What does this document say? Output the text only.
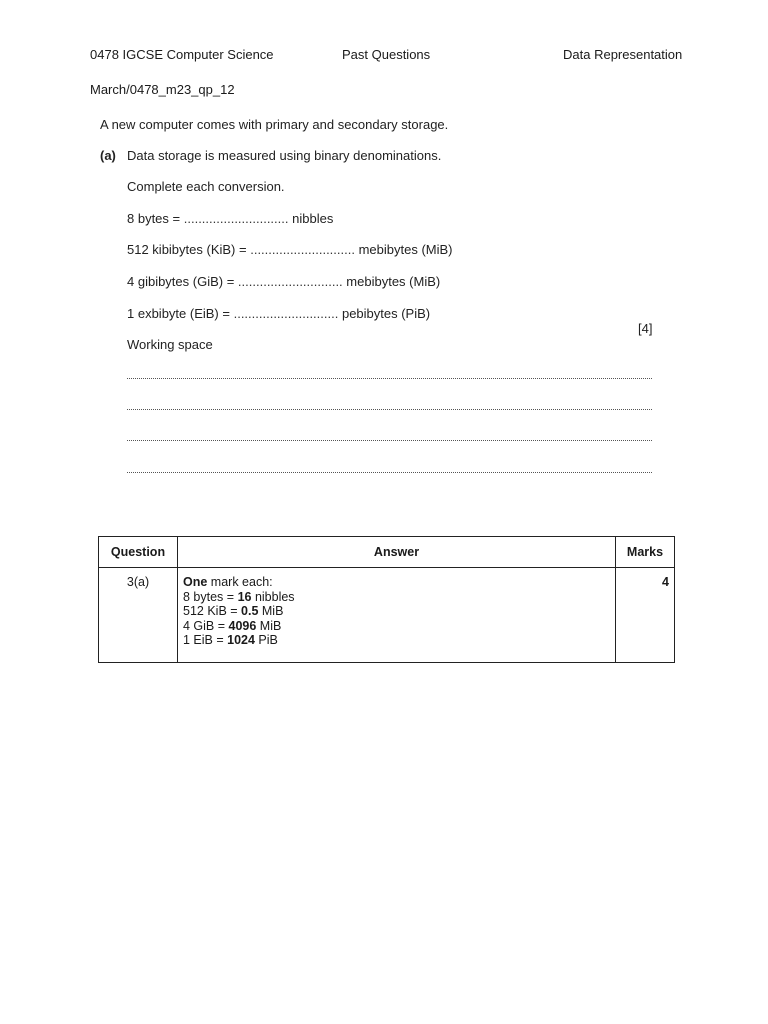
0478 IGCSE Computer Science	Past Questions	Data Representation
March/0478_m23_qp_12
A new computer comes with primary and secondary storage.
(a) Data storage is measured using binary denominations.
Complete each conversion.
8 bytes = ............................. nibbles
512 kibibytes (KiB) = ............................. mebibytes (MiB)
4 gibibytes (GiB) = ............................. mebibytes (MiB)
1 exbibyte (EiB) = ............................. pebibytes (PiB)
[4]
Working space
Question	Answer	Marks
3(a)	One mark each:
8 bytes = 16 nibbles
512 KiB = 0.5 MiB
4 GiB = 4096 MiB
1 EiB = 1024 PiB	4
